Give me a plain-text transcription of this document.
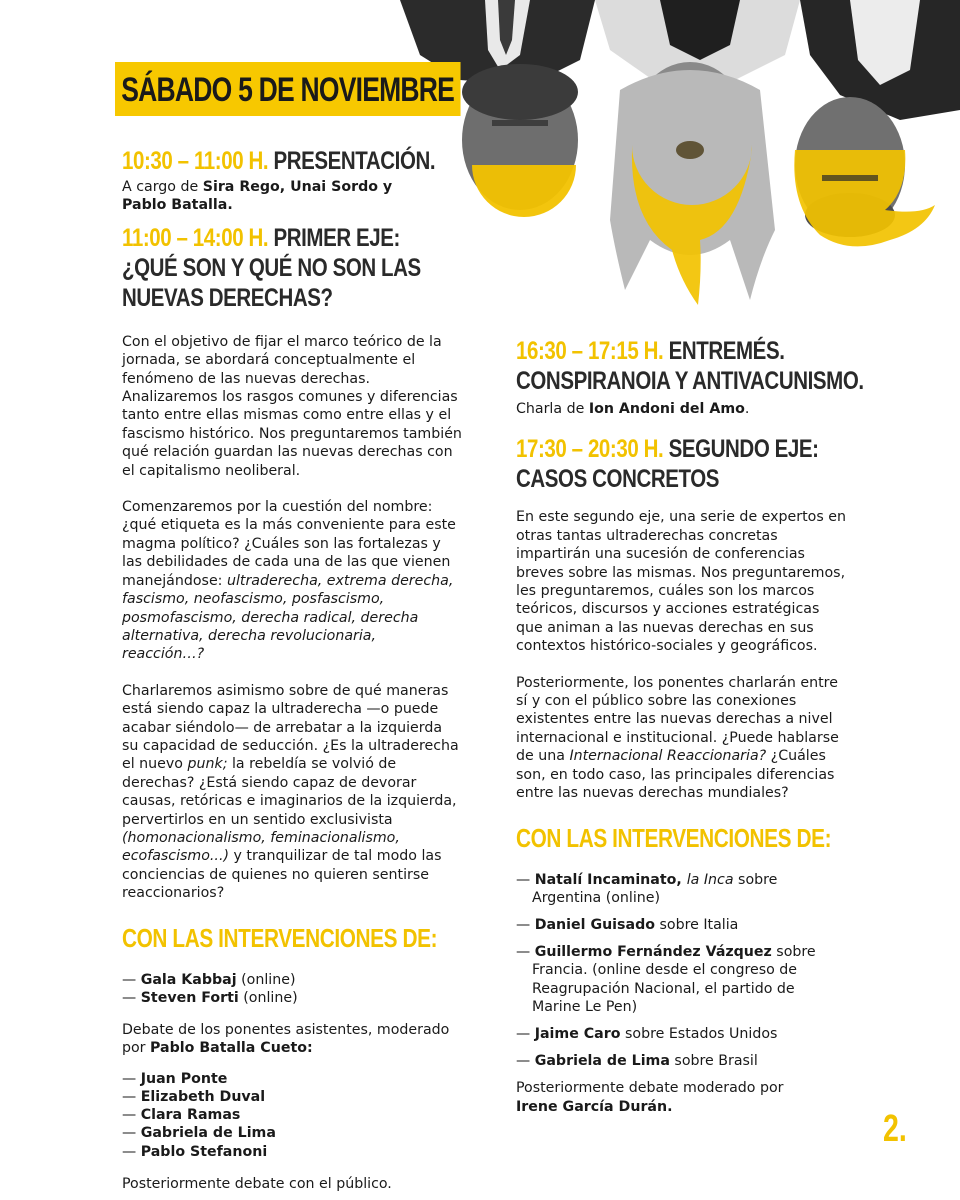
SÁBADO 5 DE NOVIEMBRE
10:30 – 11:00 H. PRESENTACIÓN.

A cargo de Sira Rego, Unai Sordo y
Pablo Batalla.

11:00 – 14:00 H. PRIMER EJE:
¿QUÉ SON Y QUÉ NO SON LAS
NUEVAS DERECHAS?

Con el objetivo de fijar el marco teórico de la jornada, se abordará conceptualmente el fenómeno de las nuevas derechas. Analizaremos los rasgos comunes y diferencias tanto entre ellas mismas como entre ellas y el fascismo histórico. Nos preguntaremos también qué relación guardan las nuevas derechas con el capitalismo neoliberal.

Comenzaremos por la cuestión del nombre: ¿qué etiqueta es la más conveniente para este magma político? ¿Cuáles son las fortalezas y las debilidades de cada una de las que vienen manejándose: ultraderecha, extrema derecha, fascismo, neofascismo, posfascismo, posmofascismo, derecha radical, derecha alternativa, derecha revolucionaria, reacción…?

Charlaremos asimismo sobre de qué maneras está siendo capaz la ultraderecha —o puede acabar siéndolo— de arrebatar a la izquierda su capacidad de seducción. ¿Es la ultraderecha el nuevo punk; la rebeldía se volvió de derechas? ¿Está siendo capaz de devorar causas, retóricas e imaginarios de la izquierda, pervertirlos en un sentido exclusivista (homonacionalismo, feminacionalismo, ecofascismo...) y tranquilizar de tal modo las conciencias de quienes no quieren sentirse reaccionarios?

CON LAS INTERVENCIONES DE:
— Gala Kabbaj (online)
— Steven Forti (online)

Debate de los ponentes asistentes, moderado por Pablo Batalla Cueto:

— Juan Ponte
— Elizabeth Duval
— Clara Ramas
— Gabriela de Lima
— Pablo Stefanoni

Posteriormente debate con el público.

16:30 – 17:15 H. ENTREMÉS.
CONSPIRANOIA Y ANTIVACUNISMO.

Charla de Ion Andoni del Amo.

17:30 – 20:30 H. SEGUNDO EJE:
CASOS CONCRETOS

En este segundo eje, una serie de expertos en otras tantas ultraderechas concretas impartirán una sucesión de conferencias breves sobre las mismas. Nos preguntaremos, les preguntaremos, cuáles son los marcos teóricos, discursos y acciones estratégicas que animan a las nuevas derechas en sus contextos histórico-sociales y geográficos.

Posteriormente, los ponentes charlarán entre sí y con el público sobre las conexiones existentes entre las nuevas derechas a nivel internacional e institucional. ¿Puede hablarse de una Internacional Reaccionaria? ¿Cuáles son, en todo caso, las principales diferencias entre las nuevas derechas mundiales?

CON LAS INTERVENCIONES DE:
— Natalí Incaminato, la Inca sobre Argentina (online)
— Daniel Guisado sobre Italia
— Guillermo Fernández Vázquez sobre Francia. (online desde el congreso de Reagrupación Nacional, el partido de Marine Le Pen)
— Jaime Caro sobre Estados Unidos
— Gabriela de Lima sobre Brasil

Posteriormente debate moderado por
Irene García Durán.

2.
